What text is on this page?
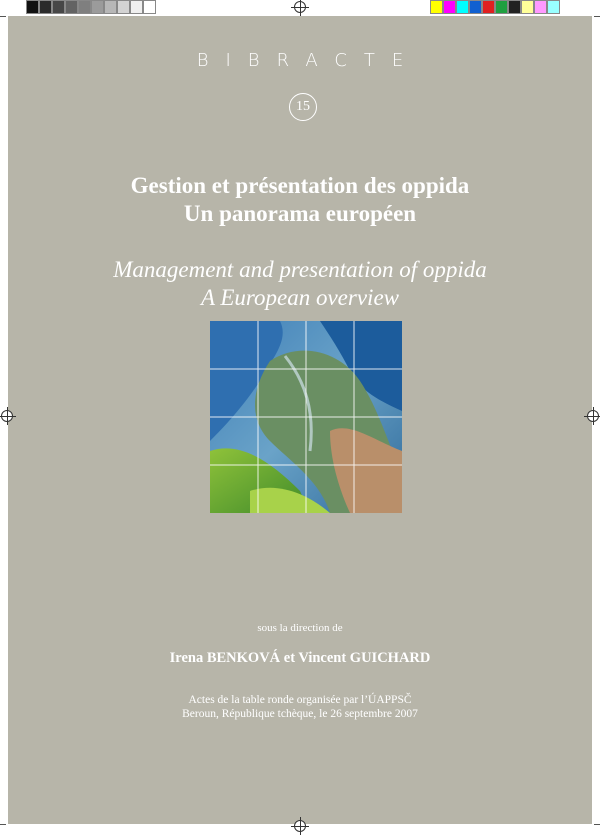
BIBRACTE
15
Gestion et présentation des oppida
Un panorama européen
Management and presentation of oppida
A European overview
sous la direction de
Irena BENKOVÁ et Vincent GUICHARD
Actes de la table ronde organisée par l’ÚAPPSČ
Beroun, République tchèque, le 26 septembre 2007
